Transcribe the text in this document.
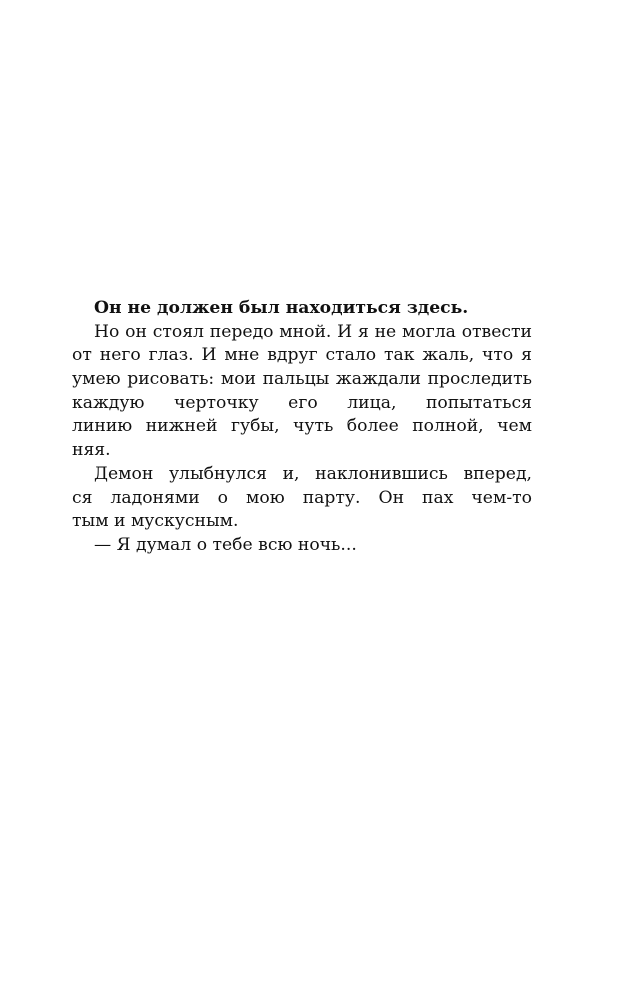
Он не должен был находиться здесь.
Но он стоял передо мной. И я не могла отвести
от него глаз. И мне вдруг стало так жаль, что я
умею рисовать: мои пальцы жаждали проследить
каждую черточку его лица, попытаться
линию нижней губы, чуть более полной, чем
няя.
Демон улыбнулся и, наклонившись вперед,
ся ладонями о мою парту. Он пах чем-то
тым и мускусным.
— Я думал о тебе всю ночь...
